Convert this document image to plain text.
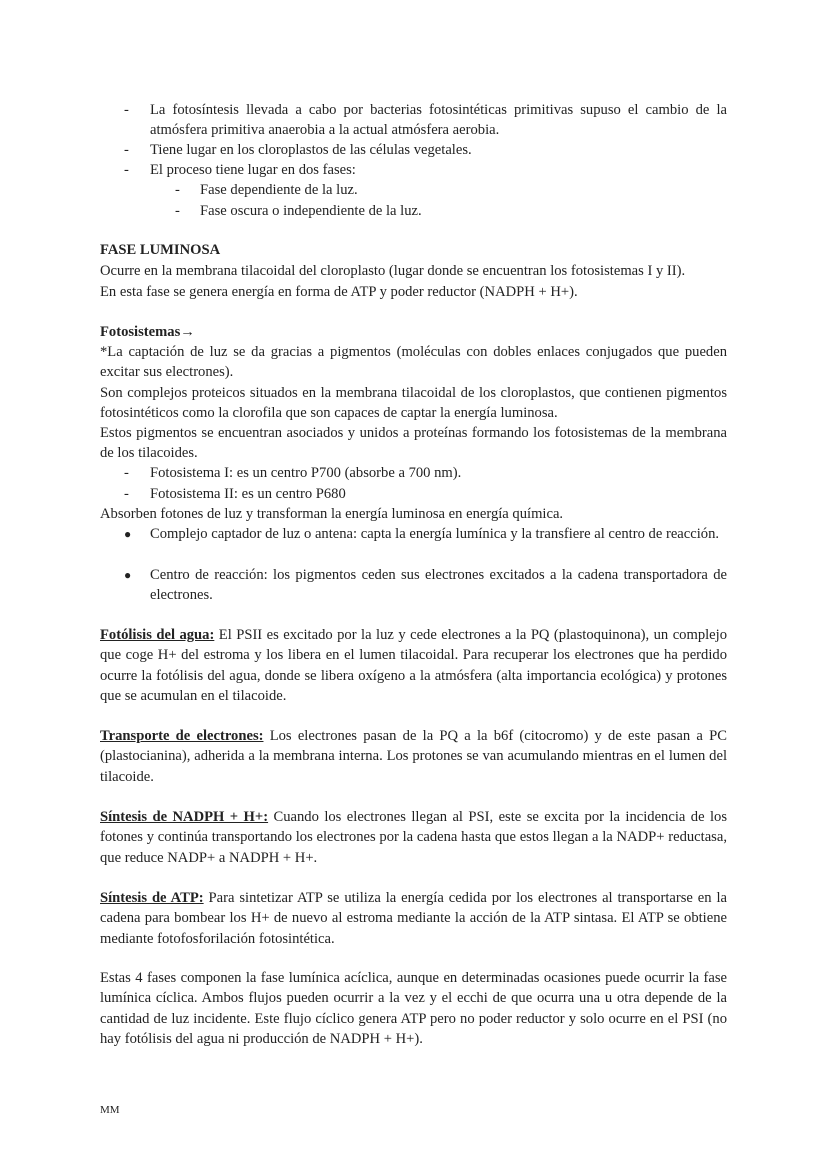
- La fotosíntesis llevada a cabo por bacterias fotosintéticas primitivas supuso el cambio de la atmósfera primitiva anaerobia a la actual atmósfera aerobia.
- Tiene lugar en los cloroplastos de las células vegetales.
- El proceso tiene lugar en dos fases:
- Fase dependiente de la luz.
- Fase oscura o independiente de la luz.
FASE LUMINOSA
Ocurre en la membrana tilacoidal del cloroplasto (lugar donde se encuentran los fotosistemas I y II).
En esta fase se genera energía en forma de ATP y poder reductor (NADPH + H+).
Fotosistemas→
*La captación de luz se da gracias a pigmentos (moléculas con dobles enlaces conjugados que pueden excitar sus electrones).
Son complejos proteicos situados en la membrana tilacoidal de los cloroplastos, que contienen pigmentos fotosintéticos como la clorofila que son capaces de captar la energía luminosa.
Estos pigmentos se encuentran asociados y unidos a proteínas formando los fotosistemas de la membrana de los tilacoides.
- Fotosistema I: es un centro P700 (absorbe a 700 nm).
- Fotosistema II: es un centro P680
Absorben fotones de luz y transforman la energía luminosa en energía química.
● Complejo captador de luz o antena: capta la energía lumínica y la transfiere al centro de reacción.
● Centro de reacción: los pigmentos ceden sus electrones excitados a la cadena transportadora de electrones.

Fotólisis del agua: El PSII es excitado por la luz y cede electrones a la PQ (plastoquinona), un complejo que coge H+ del estroma y los libera en el lumen tilacoidal. Para recuperar los electrones que ha perdido ocurre la fotólisis del agua, donde se libera oxígeno a la atmósfera (alta importancia ecológica) y protones que se acumulan en el tilacoide.

Transporte de electrones: Los electrones pasan de la PQ a la b6f (citocromo) y de este pasan a PC (plastocianina), adherida a la membrana interna. Los protones se van acumulando mientras en el lumen del tilacoide.

Síntesis de NADPH + H+: Cuando los electrones llegan al PSI, este se excita por la incidencia de los fotones y continúa transportando los electrones por la cadena hasta que estos llegan a la NADP+ reductasa, que reduce NADP+ a NADPH + H+.

Síntesis de ATP: Para sintetizar ATP se utiliza la energía cedida por los electrones al transportarse en la cadena para bombear los H+ de nuevo al estroma mediante la acción de la ATP sintasa. El ATP se obtiene mediante fotofosforilación fotosintética.

Estas 4 fases componen la fase lumínica acíclica, aunque en determinadas ocasiones puede ocurrir la fase lumínica cíclica. Ambos flujos pueden ocurrir a la vez y el ecchi de que ocurra una u otra depende de la cantidad de luz incidente. Este flujo cíclico genera ATP pero no poder reductor y solo ocurre en el PSI (no hay fotólisis del agua ni producción de NADPH + H+).

MM
